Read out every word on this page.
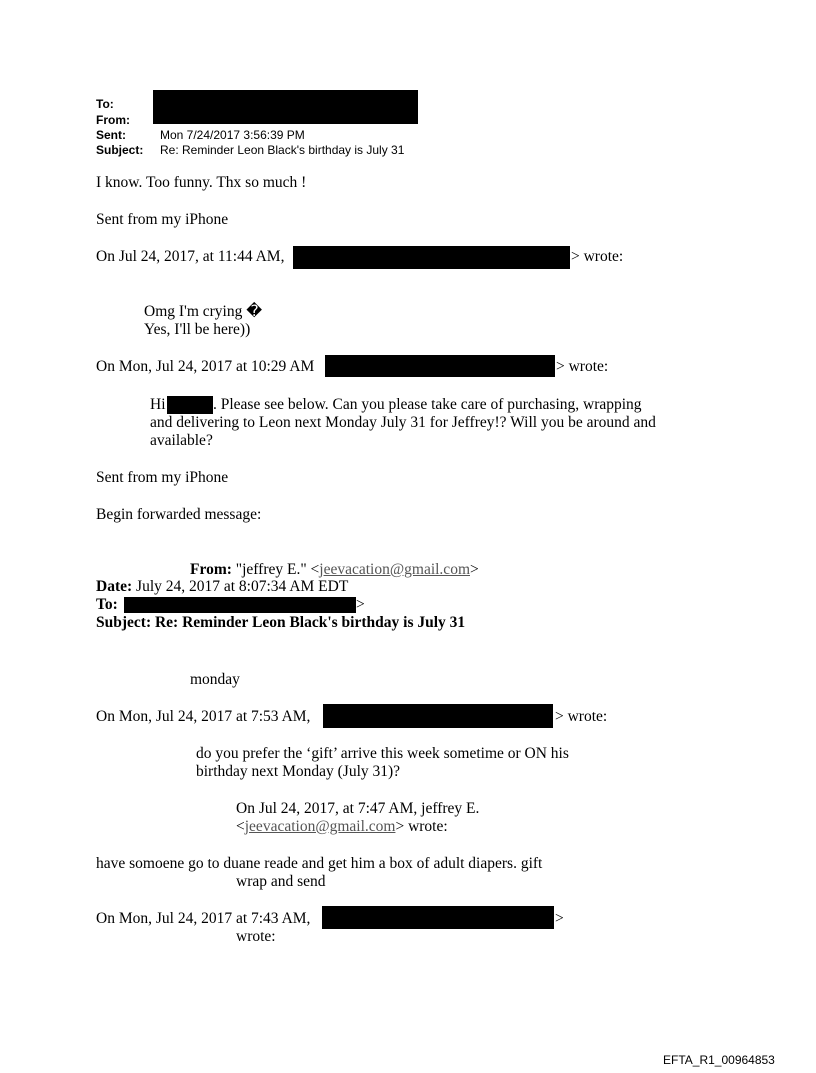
To:
From:
Sent:	Mon 7/24/2017 3:56:39 PM
Subject: Re: Reminder Leon Black's birthday is July 31
I know. Too funny. Thx so much !
Sent from my iPhone
On Jul 24, 2017, at 11:44 AM,	> wrote:
Omg I'm crying �
Yes, I'll be here))
On Mon, Jul 24, 2017 at 10:29 AM	> wrote:
Hi	. Please see below. Can you please take care of purchasing, wrapping
and delivering to Leon next Monday July 31 for Jeffrey!? Will you be around and
available?
Sent from my iPhone
Begin forwarded message:
From: "jeffrey E." <jeevacation@gmail.com>
Date: July 24, 2017 at 8:07:34 AM EDT
To:	>
Subject: Re: Reminder Leon Black's birthday is July 31
monday
On Mon, Jul 24, 2017 at 7:53 AM,	> wrote:
do you prefer the ‘gift’ arrive this week sometime or ON his
birthday next Monday (July 31)?
On Jul 24, 2017, at 7:47 AM, jeffrey E.
<jeevacation@gmail.com> wrote:
have somoene go to duane reade and get him a box of adult diapers. gift
wrap and send
On Mon, Jul 24, 2017 at 7:43 AM,	>
wrote:
EFTA_R1_00964853
